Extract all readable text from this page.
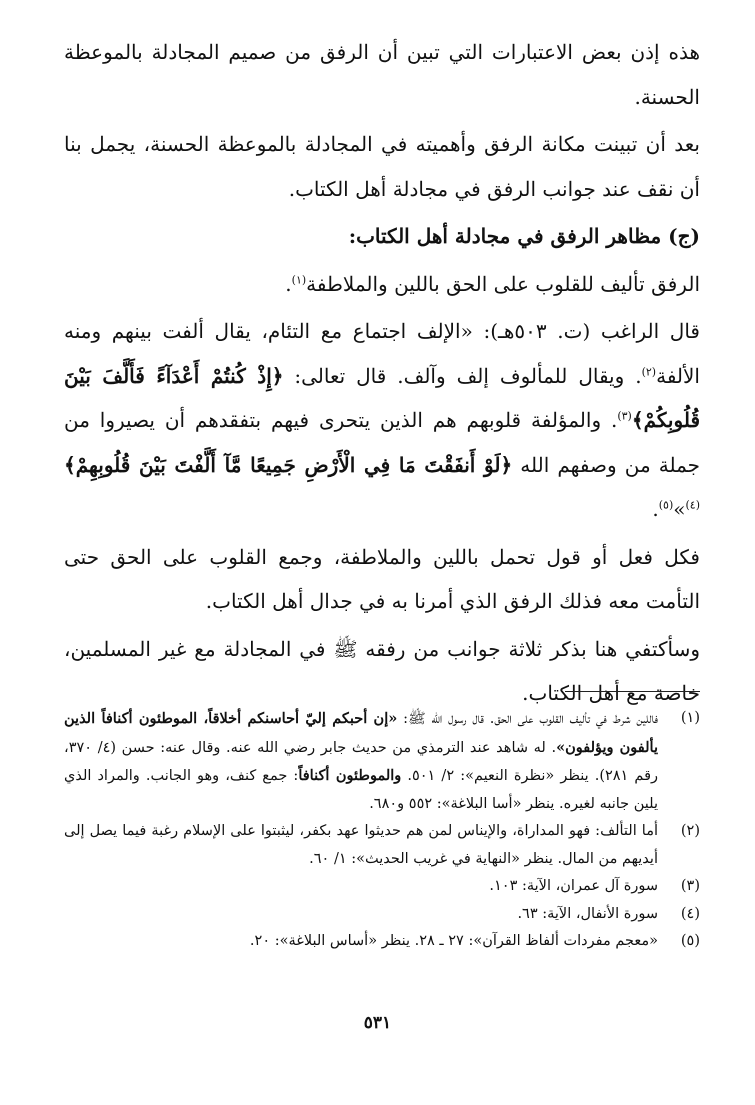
هذه إذن بعض الاعتبارات التي تبين أن الرفق من صميم المجادلة بالموعظة الحسنة.

بعد أن تبينت مكانة الرفق وأهميته في المجادلة بالموعظة الحسنة، يجمل بنا أن نقف عند جوانب الرفق في مجادلة أهل الكتاب.

(ج) مظاهر الرفق في مجادلة أهل الكتاب:

الرفق تأليف للقلوب على الحق باللين والملاطفة$^{(١)}$.

قال الراغب (ت. ٥٠٣هـ): «الإلف اجتماع مع التئام، يقال ألفت بينهم ومنه الألفة$^{(٢)}$. ويقال للمألوف إلف وآلف. قال تعالى: ﴿إِذْ كُنتُمْ أَعْدَآءً فَأَلَّفَ بَيْنَ قُلُوبِكُمْ﴾$^{(٣)}$. والمؤلفة قلوبهم هم الذين يتحرى فيهم بتفقدهم أن يصيروا من جملة من وصفهم الله ﴿لَوْ أَنفَقْتَ مَا فِي الْأَرْضِ جَمِيعًا مَّآ أَلَّفْتَ بَيْنَ قُلُوبِهِمْ﴾$^{(٤)}$»$^{(٥)}$.

فكل فعل أو قول تحمل باللين والملاطفة، وجمع القلوب على الحق حتى التأمت معه فذلك الرفق الذي أمرنا به في جدال أهل الكتاب.

وسأكتفي هنا بذكر ثلاثة جوانب من رفقه ﷺ في المجادلة مع غير المسلمين، خاصة مع أهل الكتاب.

(١)
فاللين شرط في تأليف القلوب على الحق. قال رسول الله ﷺ: «إن أحبكم إليّ أحاسنكم أخلاقاً، الموطئون أكنافاً الذين يألفون ويؤلفون». له شاهد عند الترمذي من حديث جابر رضي الله عنه. وقال عنه: حسن (٤/ ٣٧٠، رقم ٢٨١). ينظر «نظرة النعيم»: ٢/ ٥٠١. والموطئون أكنافاً: جمع كنف، وهو الجانب. والمراد الذي يلين جانبه لغيره. ينظر «أسا البلاغة»: ٥٥٢ و٦٨٠.
(٢)
أما التألف: فهو المداراة، والإيناس لمن هم حديثوا عهد بكفر، ليثبتوا على الإسلام رغبة فيما يصل إلى أيديهم من المال. ينظر «النهاية في غريب الحديث»: ١/ ٦٠.
(٣)
سورة آل عمران، الآية: ١٠٣.
(٤)
سورة الأنفال، الآية: ٦٣.
(٥)
«معجم مفردات ألفاظ القرآن»: ٢٧ ـ ٢٨. ينظر «أساس البلاغة»: ٢٠.
٥٣١
